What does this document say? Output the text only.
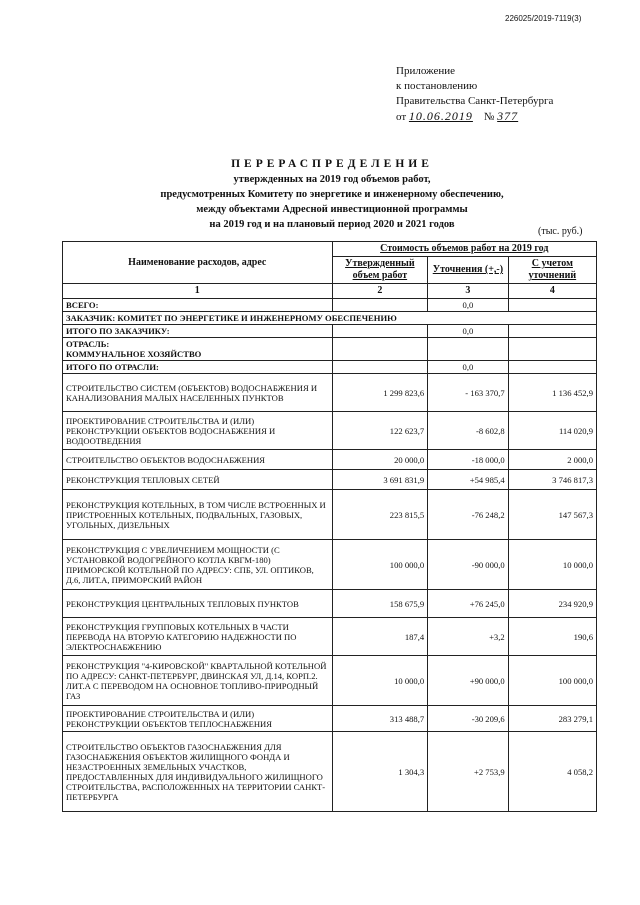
226025/2019-7119(3)
Приложение
к постановлению
Правительства Санкт-Петербурга
от 10.06.2019 № 377
ПЕРЕРАСПРЕДЕЛЕНИЕ
утвержденных на 2019 год объемов работ,
предусмотренных Комитету по энергетике и инженерному обеспечению,
между объектами Адресной инвестиционной программы
на 2019 год и на плановый период 2020 и 2021 годов
(тыс. руб.)
Наименование расходов, адрес	Стоимость объемов работ на 2019 год		
	Утвержденный объем работ	Уточнения (+,-)	С учетом уточнений
1	2	3	4
ВСЕГО:		0,0	
ЗАКАЗЧИК: КОМИТЕТ ПО ЭНЕРГЕТИКЕ И ИНЖЕНЕРНОМУ ОБЕСПЕЧЕНИЮ			
ИТОГО ПО ЗАКАЗЧИКУ:		0,0	

ОТРАСЛЬ:
КОММУНАЛЬНОЕ ХОЗЯЙСТВО			

ИТОГО ПО ОТРАСЛИ:		0,0	
СТРОИТЕЛЬСТВО СИСТЕМ (ОБЪЕКТОВ) ВОДОСНАБЖЕНИЯ И КАНАЛИЗОВАНИЯ МАЛЫХ НАСЕЛЕННЫХ ПУНКТОВ	1 299 823,6	- 163 370,7	1 136 452,9
ПРОЕКТИРОВАНИЕ СТРОИТЕЛЬСТВА И (ИЛИ) РЕКОНСТРУКЦИИ ОБЪЕКТОВ ВОДОСНАБЖЕНИЯ И ВОДООТВЕДЕНИЯ	122 623,7	-8 602,8	114 020,9
СТРОИТЕЛЬСТВО ОБЪЕКТОВ ВОДОСНАБЖЕНИЯ	20 000,0	-18 000,0	2 000,0
РЕКОНСТРУКЦИЯ ТЕПЛОВЫХ СЕТЕЙ	3 691 831,9	+54 985,4	3 746 817,3
РЕКОНСТРУКЦИЯ КОТЕЛЬНЫХ, В ТОМ ЧИСЛЕ ВСТРОЕННЫХ И ПРИСТРОЕННЫХ КОТЕЛЬНЫХ, ПОДВАЛЬНЫХ, ГАЗОВЫХ, УГОЛЬНЫХ, ДИЗЕЛЬНЫХ	223 815,5	-76 248,2	147 567,3
РЕКОНСТРУКЦИЯ С УВЕЛИЧЕНИЕМ МОЩНОСТИ (С УСТАНОВКОЙ ВОДОГРЕЙНОГО КОТЛА КВГМ-180) ПРИМОРСКОЙ КОТЕЛЬНОЙ ПО АДРЕСУ: СПБ, УЛ. ОПТИКОВ, Д.6, ЛИТ.А, ПРИМОРСКИЙ РАЙОН	100 000,0	-90 000,0	10 000,0
РЕКОНСТРУКЦИЯ ЦЕНТРАЛЬНЫХ ТЕПЛОВЫХ ПУНКТОВ	158 675,9	+76 245,0	234 920,9
РЕКОНСТРУКЦИЯ ГРУППОВЫХ КОТЕЛЬНЫХ В ЧАСТИ ПЕРЕВОДА НА ВТОРУЮ КАТЕГОРИЮ НАДЕЖНОСТИ ПО ЭЛЕКТРОСНАБЖЕНИЮ	187,4	+3,2	190,6
РЕКОНСТРУКЦИЯ "4-КИРОВСКОЙ" КВАРТАЛЬНОЙ КОТЕЛЬНОЙ ПО АДРЕСУ: САНКТ-ПЕТЕРБУРГ, ДВИНСКАЯ УЛ, Д.14, КОРП.2. ЛИТ.А С ПЕРЕВОДОМ НА ОСНОВНОЕ ТОПЛИВО-ПРИРОДНЫЙ ГАЗ	10 000,0	+90 000,0	100 000,0
ПРОЕКТИРОВАНИЕ СТРОИТЕЛЬСТВА И (ИЛИ) РЕКОНСТРУКЦИИ ОБЪЕКТОВ ТЕПЛОСНАБЖЕНИЯ	313 488,7	-30 209,6	283 279,1
СТРОИТЕЛЬСТВО ОБЪЕКТОВ ГАЗОСНАБЖЕНИЯ ДЛЯ ГАЗОСНАБЖЕНИЯ ОБЪЕКТОВ ЖИЛИЩНОГО ФОНДА И НЕЗАСТРОЕННЫХ ЗЕМЕЛЬНЫХ УЧАСТКОВ, ПРЕДОСТАВЛЕННЫХ ДЛЯ ИНДИВИДУАЛЬНОГО ЖИЛИЩНОГО СТРОИТЕЛЬСТВА, РАСПОЛОЖЕННЫХ НА ТЕРРИТОРИИ САНКТ-ПЕТЕРБУРГА	1 304,3	+2 753,9	4 058,2
